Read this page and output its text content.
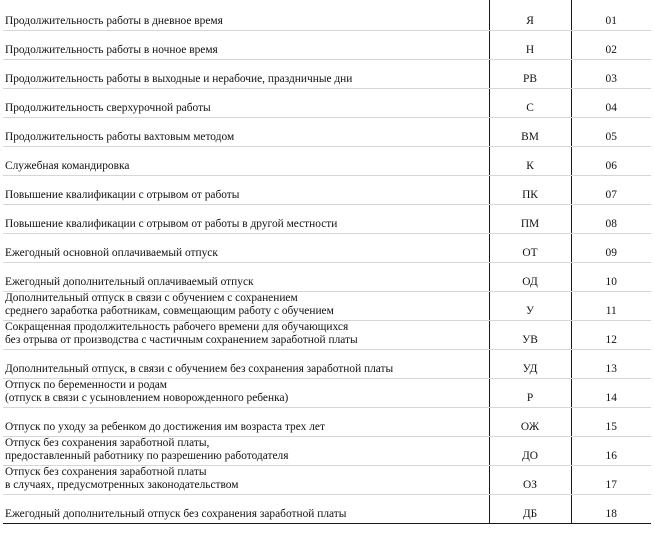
Продолжительность работы в дневное время	Я	01
Продолжительность работы в ночное время	Н	02
Продолжительность работы в выходные и нерабочие, праздничные дни	РВ	03
Продолжительность сверхурочной работы	С	04
Продолжительность работы вахтовым методом	ВМ	05
Служебная командировка	К	06
Повышение квалификации с отрывом от работы	ПК	07
Повышение квалификации с отрывом от работы в другой местности	ПМ	08
Ежегодный основной оплачиваемый отпуск	ОТ	09
Ежегодный дополнительный оплачиваемый отпуск	ОД	10
Дополнительный отпуск в связи с обучением с сохранением
среднего заработка работникам, совмещающим работу с обучением	У	11
Сокращенная продолжительность рабочего времени для обучающихся
без отрыва от производства с частичным сохранением заработной платы	УВ	12
Дополнительный отпуск, в связи с обучением без сохранения заработной платы	УД	13
Отпуск по беременности и родам
(отпуск в связи с усыновлением новорожденного ребенка)	Р	14
Отпуск по уходу за ребенком до достижения им возраста трех лет	ОЖ	15
Отпуск без сохранения заработной платы,
предоставленный работнику по разрешению работодателя	ДО	16
Отпуск без сохранения заработной платы
в случаях, предусмотренных законодательством	ОЗ	17
Ежегодный дополнительный отпуск без сохранения заработной платы	ДБ	18
